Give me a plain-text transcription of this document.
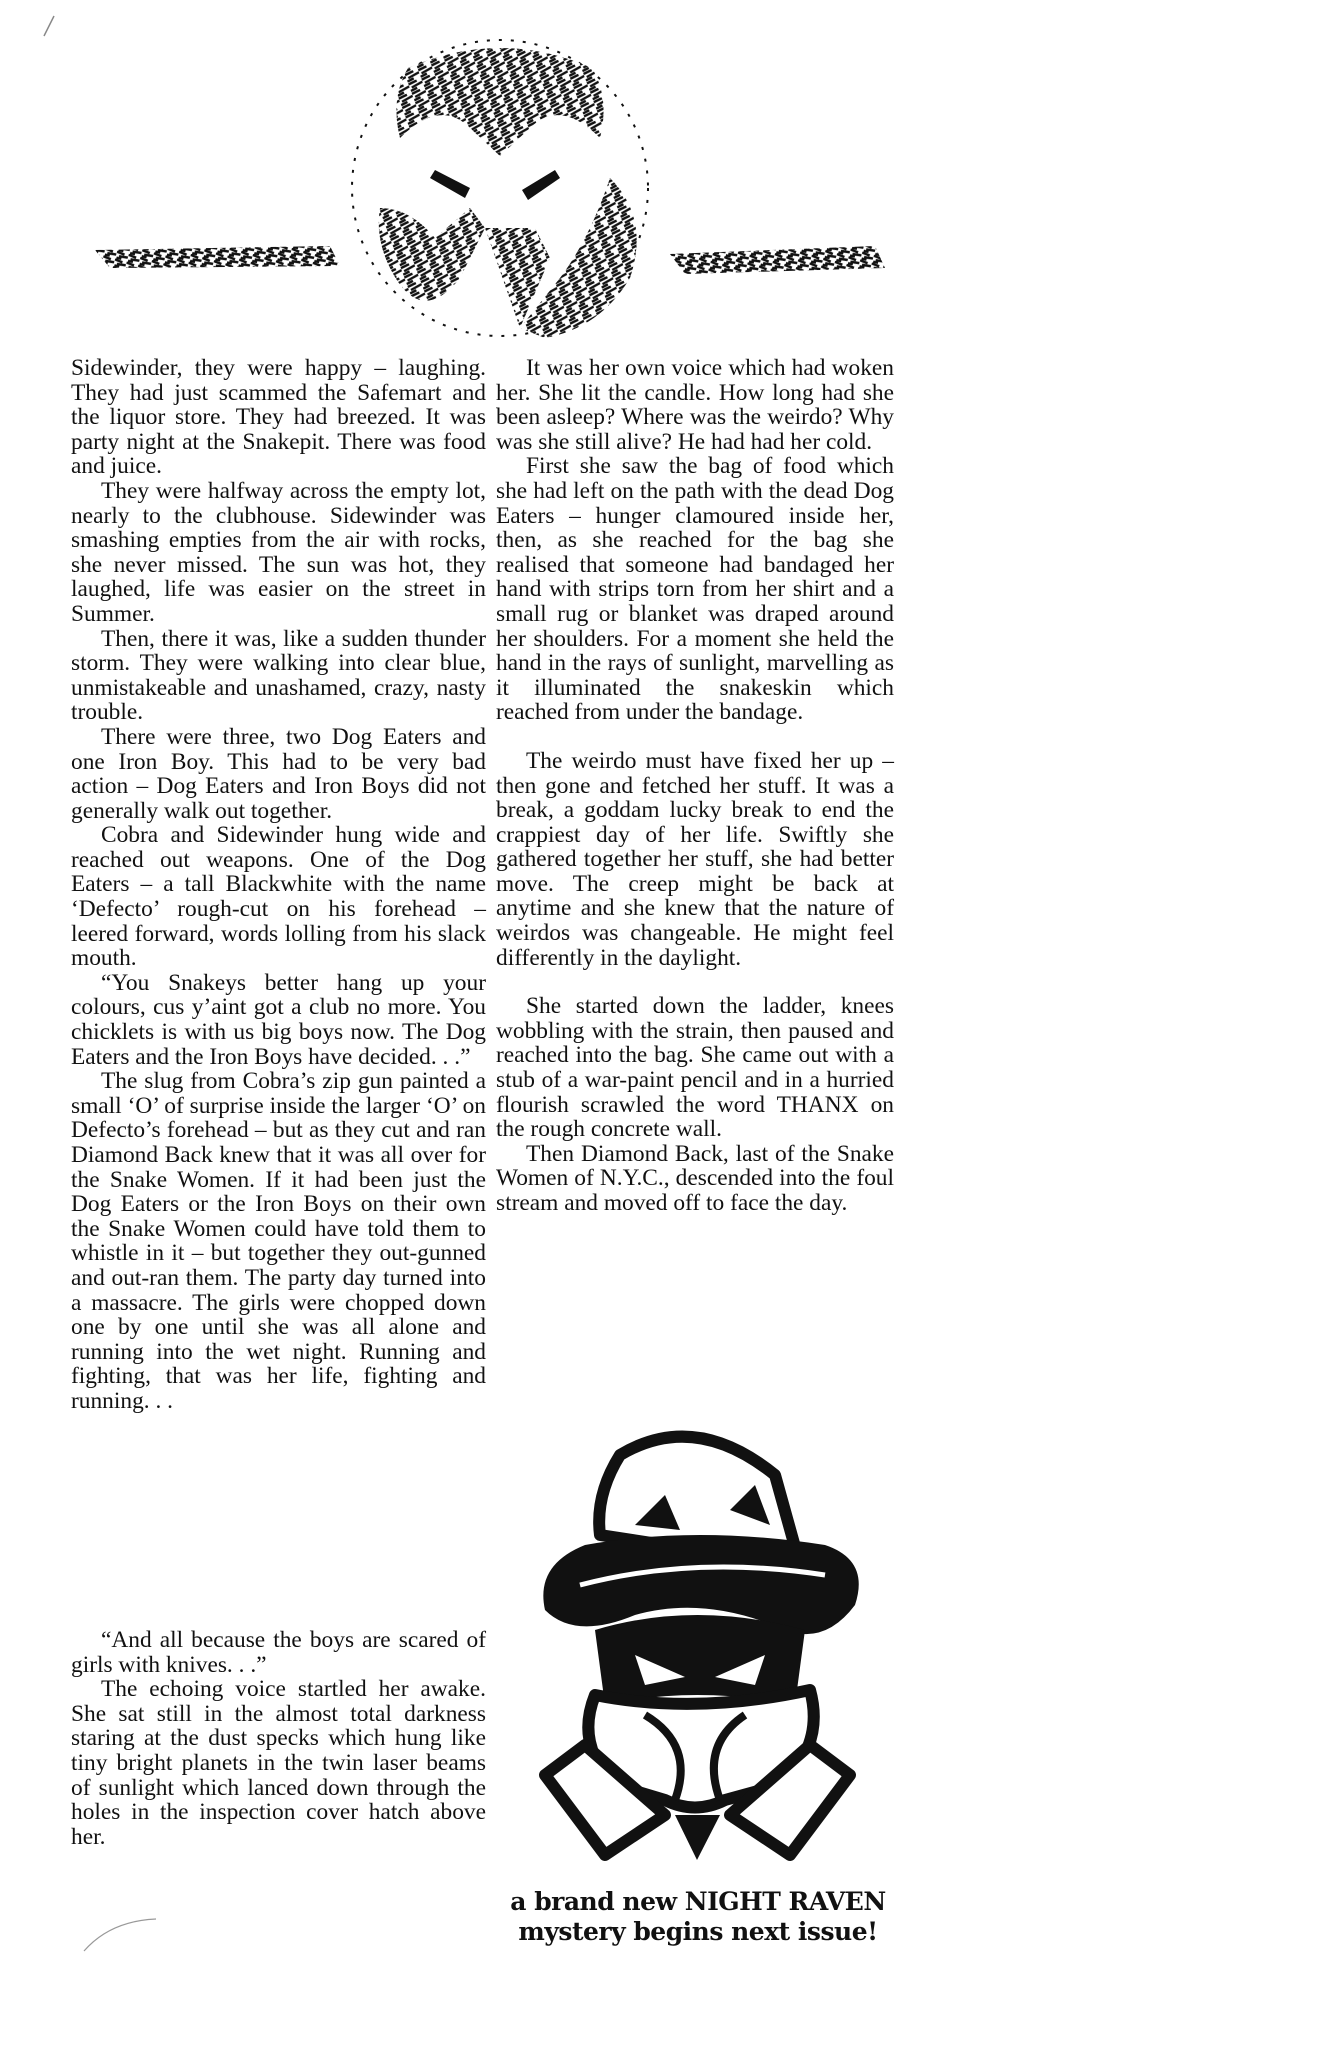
Sidewinder, they were happy – laughing. They had just scammed the Safemart and the liquor store. They had breezed. It was party night at the Snakepit. There was food and juice.

They were halfway across the empty lot, nearly to the clubhouse. Sidewinder was smashing empties from the air with rocks, she never missed. The sun was hot, they laughed, life was easier on the street in Summer.

Then, there it was, like a sudden thunder storm. They were walking into clear blue, unmistakeable and unashamed, crazy, nasty trouble.

There were three, two Dog Eaters and one Iron Boy. This had to be very bad action – Dog Eaters and Iron Boys did not generally walk out together.

Cobra and Sidewinder hung wide and reached out weapons. One of the Dog Eaters – a tall Blackwhite with the name ‘Defecto’ rough-cut on his forehead – leered forward, words lolling from his slack mouth.

“You Snakeys better hang up your colours, cus y’aint got a club no more. You chicklets is with us big boys now. The Dog Eaters and the Iron Boys have decided. . .”

The slug from Cobra’s zip gun painted a small ‘O’ of surprise inside the larger ‘O’ on Defecto’s forehead – but as they cut and ran Diamond Back knew that it was all over for the Snake Women. If it had been just the Dog Eaters or the Iron Boys on their own the Snake Women could have told them to whistle in it – but together they out-gunned and out-ran them. The party day turned into a massacre. The girls were chopped down one by one until she was all alone and running into the wet night. Running and fighting, that was her life, fighting and running. . .

“And all because the boys are scared of girls with knives. . .”

The echoing voice startled her awake. She sat still in the almost total darkness staring at the dust specks which hung like tiny bright planets in the twin laser beams of sunlight which lanced down through the holes in the inspection cover hatch above her.

It was her own voice which had woken her. She lit the candle. How long had she been asleep? Where was the weirdo? Why was she still alive? He had had her cold.

First she saw the bag of food which she had left on the path with the dead Dog Eaters – hunger clamoured inside her, then, as she reached for the bag she realised that someone had bandaged her hand with strips torn from her shirt and a small rug or blanket was draped around her shoulders. For a moment she held the hand in the rays of sunlight, marvelling as it illuminated the snakeskin which reached from under the bandage.

The weirdo must have fixed her up – then gone and fetched her stuff. It was a break, a goddam lucky break to end the crappiest day of her life. Swiftly she gathered together her stuff, she had better move. The creep might be back at anytime and she knew that the nature of weirdos was changeable. He might feel differently in the daylight.

She started down the ladder, knees wobbling with the strain, then paused and reached into the bag. She came out with a stub of a war-paint pencil and in a hurried flourish scrawled the word THANX on the rough concrete wall.

Then Diamond Back, last of the Snake Women of N.Y.C., descended into the foul stream and moved off to face the day.

a brand new NIGHT RAVEN
mystery begins next issue!
